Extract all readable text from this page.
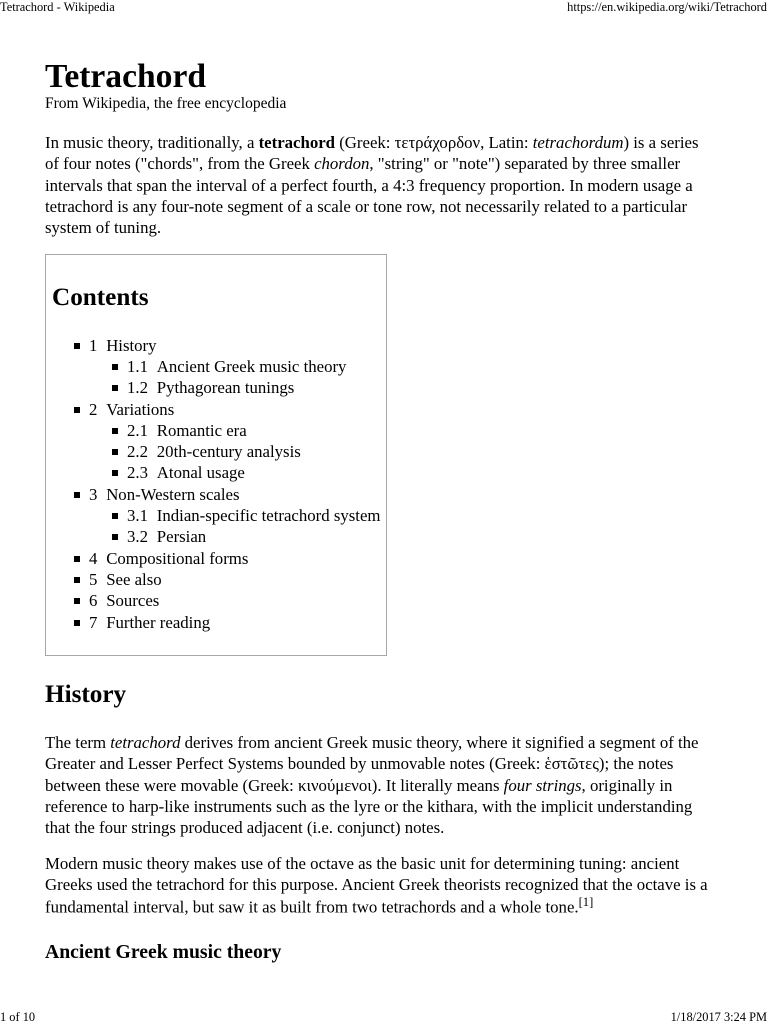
Tetrachord - Wikipedia	https://en.wikipedia.org/wiki/Tetrachord
Tetrachord
From Wikipedia, the free encyclopedia

In music theory, traditionally, a tetrachord (Greek: τετράχορδον, Latin: tetrachordum) is a series
of four notes ("chords", from the Greek chordon, "string" or "note") separated by three smaller
intervals that span the interval of a perfect fourth, a 4:3 frequency proportion. In modern usage a
tetrachord is any four-note segment of a scale or tone row, not necessarily related to a particular
system of tuning.

Contents
1 History
1.1 Ancient Greek music theory
1.2 Pythagorean tunings
2 Variations
2.1 Romantic era
2.2 20th-century analysis
2.3 Atonal usage
3 Non-Western scales
3.1 Indian-specific tetrachord system
3.2 Persian
4 Compositional forms
5 See also
6 Sources
7 Further reading
History

The term tetrachord derives from ancient Greek music theory, where it signified a segment of the
Greater and Lesser Perfect Systems bounded by unmovable notes (Greek: ἑστῶτες); the notes
between these were movable (Greek: κινούμενοι). It literally means four strings, originally in
reference to harp-like instruments such as the lyre or the kithara, with the implicit understanding
that the four strings produced adjacent (i.e. conjunct) notes.

Modern music theory makes use of the octave as the basic unit for determining tuning: ancient
Greeks used the tetrachord for this purpose. Ancient Greek theorists recognized that the octave is a
fundamental interval, but saw it as built from two tetrachords and a whole tone.[1]

Ancient Greek music theory
1 of 10	1/18/2017 3:24 PM
